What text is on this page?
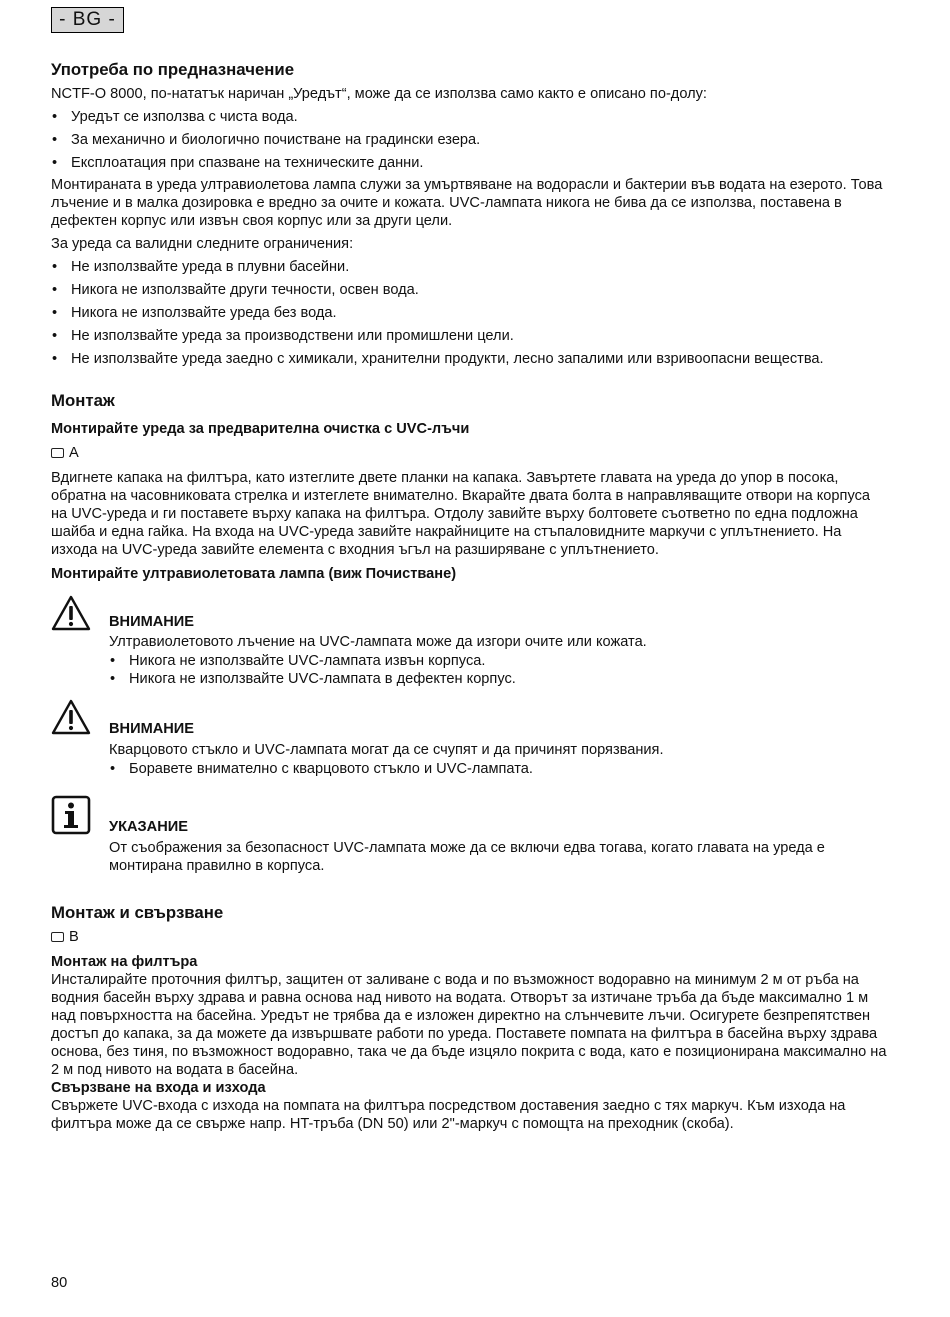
- BG -
Употреба по предназначение

NCTF-O 8000, по-нататък наричан „Уредът“, може да се използва само както е описано по-долу:

• Уредът се използва с чиста вода.
• За механично и биологично почистване на градински езера.
• Експлоатация при спазване на техническите данни.

Монтираната в уреда ултравиолетова лампа служи за умъртвяване на водорасли и бактерии във водата на езерото. Това лъчение и в малка дозировка е вредно за очите и кожата. UVC-лампата никога не бива да се използва, поставена в дефектен корпус или извън своя корпус или за други цели.

За уреда са валидни следните ограничения:

• Не използвайте уреда в плувни басейни.
• Никога не използвайте други течности, освен вода.
• Никога не използвайте уреда без вода.
• Не използвайте уреда за производствени или промишлени цели.
• Не използвайте уреда заедно с химикали, хранителни продукти, лесно запалими или взривоопасни вещества.
Монтаж
Монтирайте уреда за предварителна очистка с UVC-лъчи
A

Вдигнете капака на филтъра, като изтеглите двете планки на капака. Завъртете главата на уреда до упор в посока, обратна на часовниковата стрелка и изтеглете внимателно. Вкарайте двата болта в направляващите отвори на корпуса на UVC-уреда и ги поставете върху капака на филтъра. Отдолу завийте върху болтовете съответно по една подложна шайба и една гайка. На входа на UVC-уреда завийте накрайниците на стъпаловидните маркучи с уплътнението. На изхода на UVC-уреда завийте елемента с входния ъгъл на разширяване с уплътнението.

Монтирайте ултравиолетовата лампа (виж Почистване)
ВНИМАНИЕ

Ултравиолетовото лъчение на UVC-лампата може да изгори очите или кожата.

• Никога не използвайте UVC-лампата извън корпуса.
• Никога не използвайте UVC-лампата в дефектен корпус.
ВНИМАНИЕ

Кварцовото стъкло и UVC-лампата могат да се счупят и да причинят порязвания.

• Боравете внимателно с кварцовото стъкло и UVC-лампата.
УКАЗАНИЕ

От съображения за безопасност UVC-лампата може да се включи едва тогава, когато главата на уреда е монтирана правилно в корпуса.

Монтаж и свързване
B
Монтаж на филтъра

Инсталирайте проточния филтър, защитен от заливане с вода и по възможност водоравно на минимум 2 м от ръба на водния басейн върху здрава и равна основа над нивото на водата. Отворът за изтичане тръба да бъде максимално 1 м над повърхността на басейна. Уредът не трябва да е изложен директно на слънчевите лъчи. Осигурете безпрепятствен достъп до капака, за да можете да извършвате работи по уреда. Поставете помпата на филтъра в басейна върху здрава основа, без тиня, по възможност водоравно, така че да бъде изцяло покрита с вода, като е позиционирана максимално на 2 м под нивото на водата в басейна.

Свързване на входа и изхода

Свържете UVC-входа с изхода на помпата на филтъра посредством доставения заедно с тях маркуч. Към изхода на филтъра може да се свърже напр. HT-тръба (DN 50) или 2"-маркуч с помощта на преходник (скоба).

80
